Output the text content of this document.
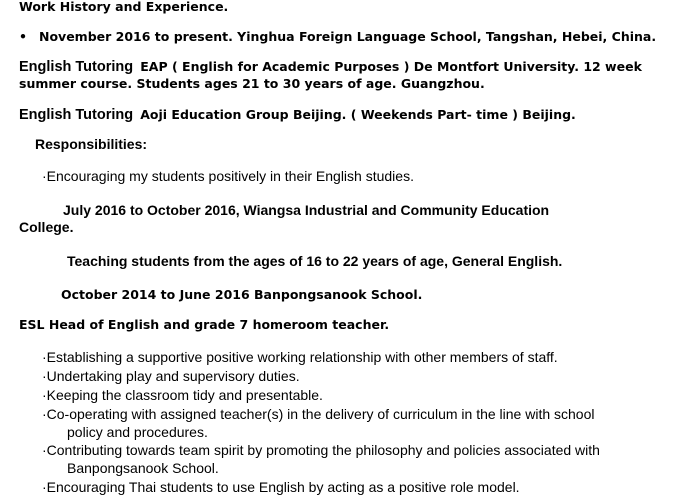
Work History and Experience.
• November 2016 to present. Yinghua Foreign Language School, Tangshan, Hebei, China.
English Tutoring EAP ( English for Academic Purposes ) De Montfort University. 12 week
summer course. Students ages 21 to 30 years of age. Guangzhou.
English Tutoring Aoji Education Group Beijing. ( Weekends Part- time ) Beijing.
Responsibilities:
·Encouraging my students positively in their English studies.
July 2016 to October 2016, Wiangsa Industrial and Community Education
College.
Teaching students from the ages of 16 to 22 years of age, General English.
October 2014 to June 2016 Banpongsanook School.
ESL Head of English and grade 7 homeroom teacher.
·Establishing a supportive positive working relationship with other members of staff.
·Undertaking play and supervisory duties.
·Keeping the classroom tidy and presentable.
·Co-operating with assigned teacher(s) in the delivery of curriculum in the line with school
policy and procedures.
·Contributing towards team spirit by promoting the philosophy and policies associated with
Banpongsanook School.
·Encouraging Thai students to use English by acting as a positive role model.
